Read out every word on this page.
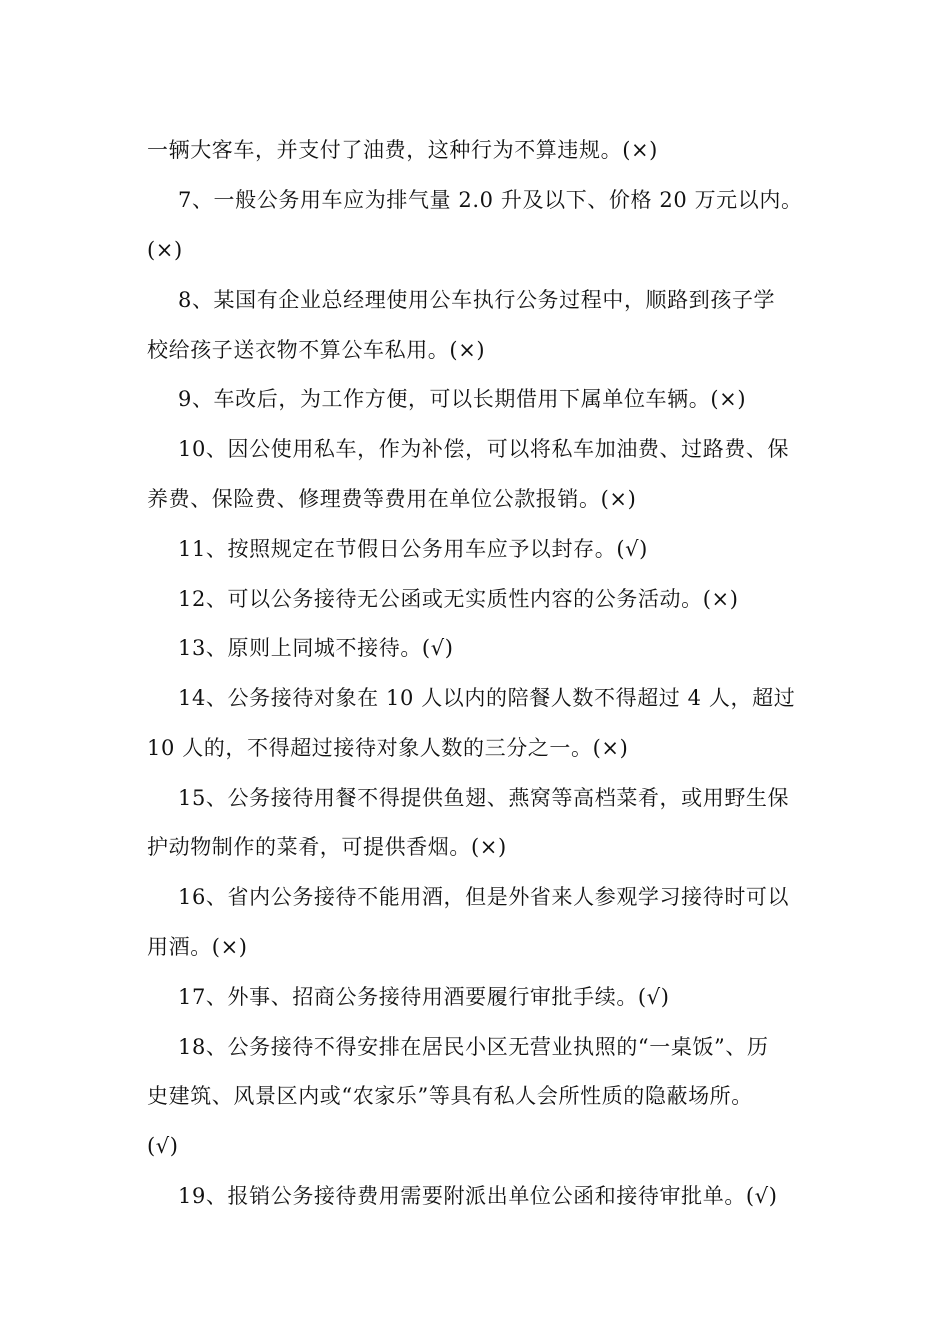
一辆大客车，并支付了油费，这种行为不算违规。(×)
7、一般公务用车应为排气量 2.0 升及以下、价格 20 万元以内。
(×)
8、某国有企业总经理使用公车执行公务过程中，顺路到孩子学
校给孩子送衣物不算公车私用。(×)
9、车改后，为工作方便，可以长期借用下属单位车辆。(×)
10、因公使用私车，作为补偿，可以将私车加油费、过路费、保
养费、保险费、修理费等费用在单位公款报销。(×)
11、按照规定在节假日公务用车应予以封存。(√)
12、可以公务接待无公函或无实质性内容的公务活动。(×)
13、原则上同城不接待。(√)
14、公务接待对象在 10 人以内的陪餐人数不得超过 4 人，超过
10 人的，不得超过接待对象人数的三分之一。(×)
15、公务接待用餐不得提供鱼翅、燕窝等高档菜肴，或用野生保
护动物制作的菜肴，可提供香烟。(×)
16、省内公务接待不能用酒，但是外省来人参观学习接待时可以
用酒。(×)
17、外事、招商公务接待用酒要履行审批手续。(√)
18、公务接待不得安排在居民小区无营业执照的“一桌饭”、历
史建筑、风景区内或“农家乐”等具有私人会所性质的隐蔽场所。
(√)
19、报销公务接待费用需要附派出单位公函和接待审批单。(√)
